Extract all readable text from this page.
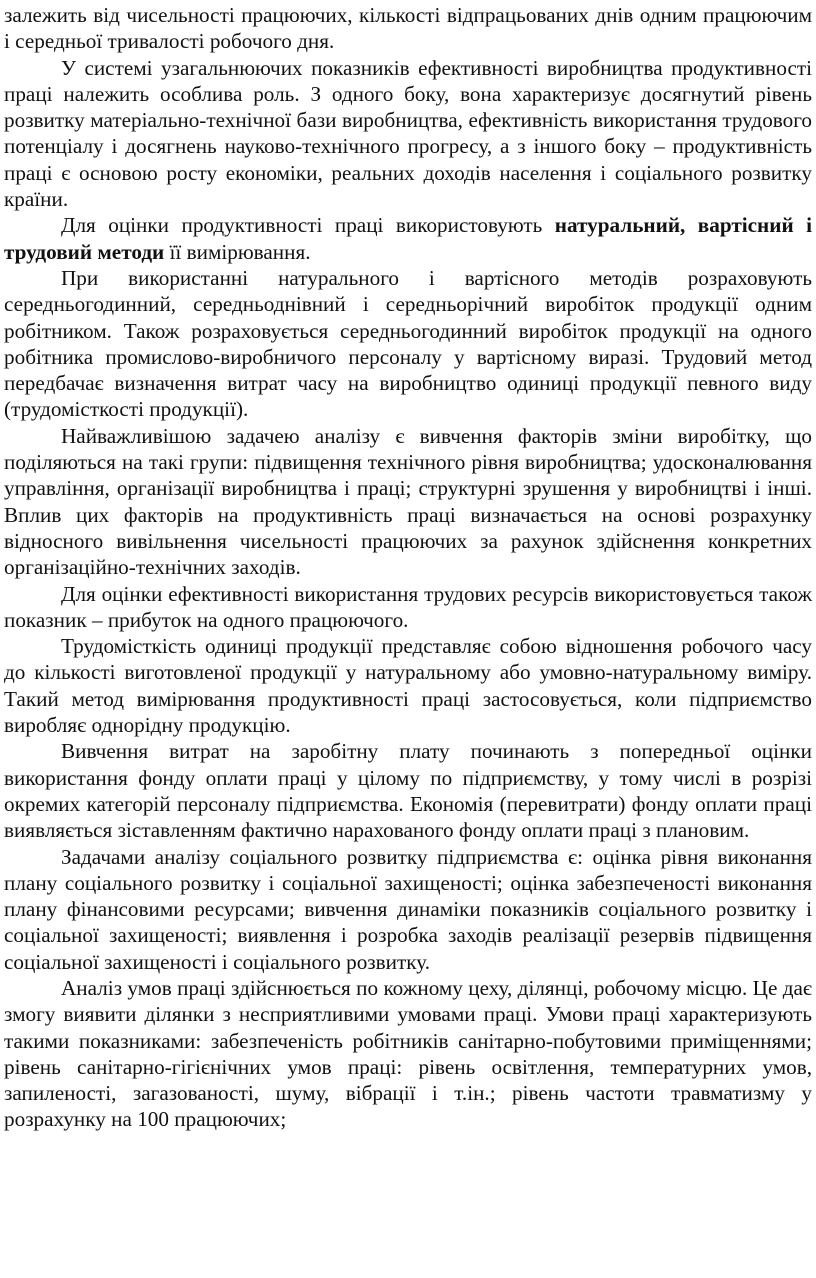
залежить від чисельності працюючих, кількості відпрацьованих днів одним працюючим і середньої тривалості робочого дня.

У системі узагальнюючих показників ефективності виробництва продуктивності праці належить особлива роль. З одного боку, вона характеризує досягнутий рівень розвитку матеріально-технічної бази виробництва, ефективність використання трудового потенціалу і досягнень науково-технічного прогресу, а з іншого боку – продуктивність праці є основою росту економіки, реальних доходів населення і соціального розвитку країни.

Для оцінки продуктивності праці використовують натуральний, вартісний і трудовий методи її вимірювання.

При використанні натурального і вартісного методів розраховують середньогодинний, середньоднівний і середньорічний виробіток продукції одним робітником. Також розраховується середньогодинний виробіток продукції на одного робітника промислово-виробничого персоналу у вартісному виразі. Трудовий метод передбачає визначення витрат часу на виробництво одиниці продукції певного виду (трудомісткості продукції).

Найважливішою задачею аналізу є вивчення факторів зміни виробітку, що поділяються на такі групи: підвищення технічного рівня виробництва; удосконалювання управління, організації виробництва і праці; структурні зрушення у виробництві і інші. Вплив цих факторів на продуктивність праці визначається на основі розрахунку відносного вивільнення чисельності працюючих за рахунок здійснення конкретних організаційно-технічних заходів.

Для оцінки ефективності використання трудових ресурсів використовується також показник – прибуток на одного працюючого.

Трудомісткість одиниці продукції представляє собою відношення робочого часу до кількості виготовленої продукції у натуральному або умовно-натуральному виміру. Такий метод вимірювання продуктивності праці застосовується, коли підприємство виробляє однорідну продукцію.

Вивчення витрат на заробітну плату починають з попередньої оцінки використання фонду оплати праці у цілому по підприємству, у тому числі в розрізі окремих категорій персоналу підприємства. Економія (перевитрати) фонду оплати праці виявляється зіставленням фактично нарахованого фонду оплати праці з плановим.

Задачами аналізу соціального розвитку підприємства є: оцінка рівня виконання плану соціального розвитку і соціальної захищеності; оцінка забезпеченості виконання плану фінансовими ресурсами; вивчення динаміки показників соціального розвитку і соціальної захищеності; виявлення і розробка заходів реалізації резервів підвищення соціальної захищеності і соціального розвитку.

Аналіз умов праці здійснюється по кожному цеху, ділянці, робочому місцю. Це дає змогу виявити ділянки з несприятливими умовами праці. Умови праці характеризують такими показниками: забезпеченість робітників санітарно-побутовими приміщеннями; рівень санітарно-гігієнічних умов праці: рівень освітлення, температурних умов, запиленості, загазованості, шуму, вібрації і т.ін.; рівень частоти травматизму у розрахунку на 100 працюючих;
